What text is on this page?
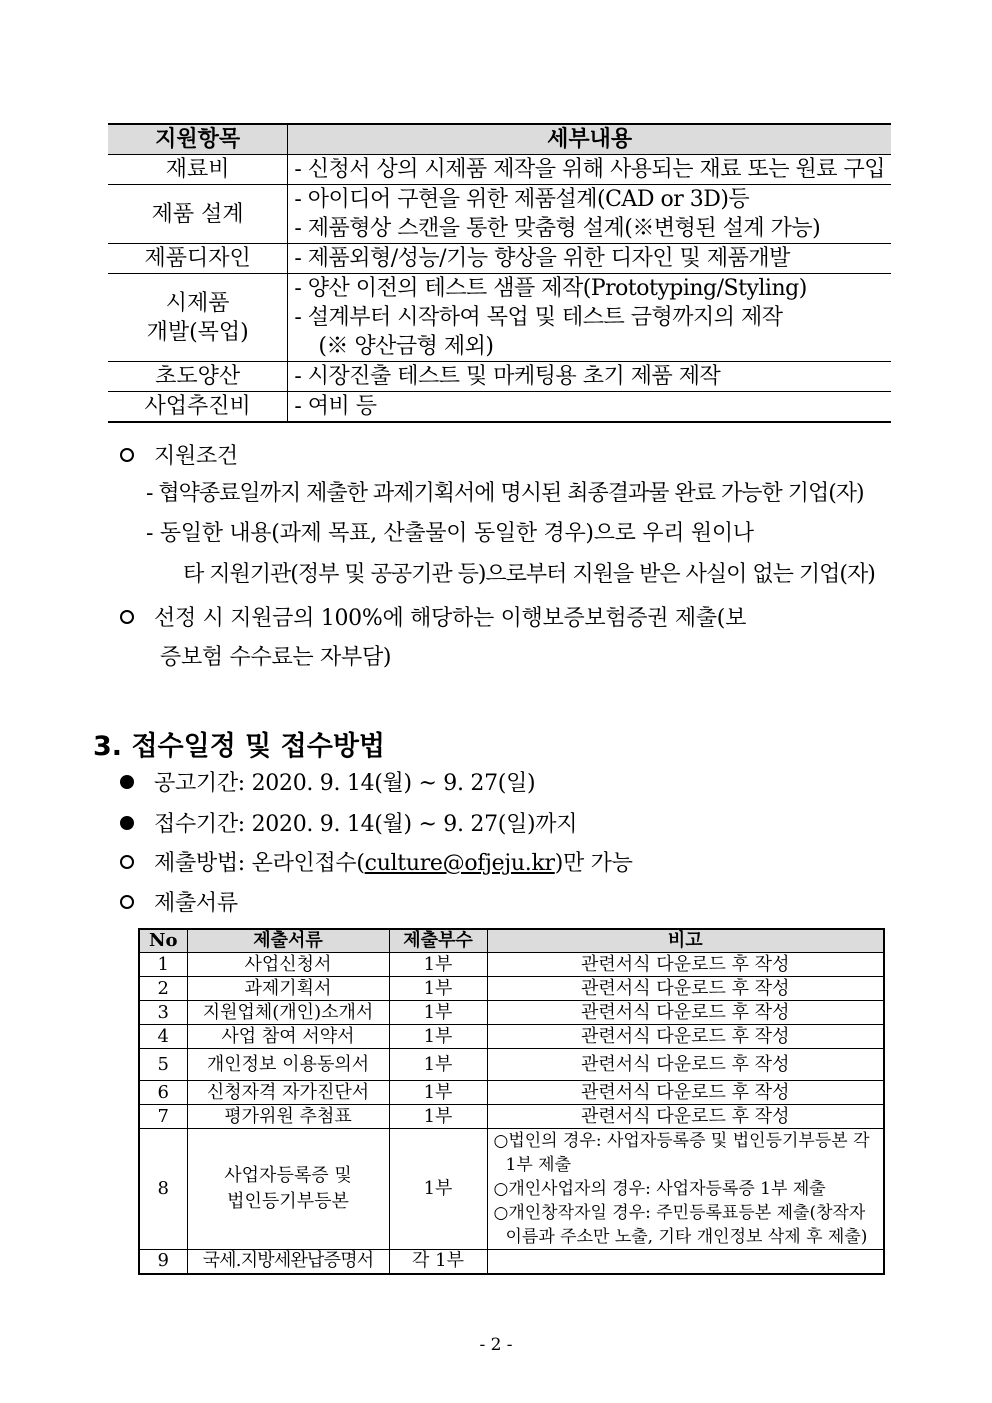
지원항목	세부내용
재료비	- 신청서 상의 시제품 제작을 위해 사용되는 재료 또는 원료 구입
제품 설계	- 아이디어 구현을 위한 제품설계(CAD or 3D)등
- 제품형상 스캔을 통한 맞춤형 설계(※변형된 설계 가능)

제품디자인	- 제품외형/성능/기능 향상을 위한 디자인 및 제품개발

시제품
개발(목업)	- 양산 이전의 테스트 샘플 제작(Prototyping/Styling)
- 설계부터 시작하여 목업 및 테스트 금형까지의 제작
(※ 양산금형 제외)

초도양산	- 시장진출 테스트 및 마케팅용 초기 제품 제작
사업추진비	- 여비 등
지원조건
- 협약종료일까지 제출한 과제기획서에 명시된 최종결과물 완료 가능한 기업(자)
- 동일한 내용(과제 목표, 산출물이 동일한 경우)으로 우리 원이나
타 지원기관(정부 및 공공기관 등)으로부터 지원을 받은 사실이 없는 기업(자)
선정 시 지원금의 100%에 해당하는 이행보증보험증권 제출(보
증보험 수수료는 자부담)
3. 접수일정 및 접수방법
공고기간: 2020. 9. 14(월) ~ 9. 27(일)
접수기간: 2020. 9. 14(월) ~ 9. 27(일)까지
제출방법: 온라인접수(culture@ofjeju.kr)만 가능
제출서류
No	제출서류	제출부수	비고
1	사업신청서	1부	관련서식 다운로드 후 작성
2	과제기획서	1부	관련서식 다운로드 후 작성
3	지원업체(개인)소개서	1부	관련서식 다운로드 후 작성
4	사업 참여 서약서	1부	관련서식 다운로드 후 작성
5	개인정보 이용동의서	1부	관련서식 다운로드 후 작성
6	신청자격 자가진단서	1부	관련서식 다운로드 후 작성
7	평가위원 추첨표	1부	관련서식 다운로드 후 작성
8	사업자등록증 및
법인등기부등본	1부	○법인의 경우: 사업자등록증 및 법인등기부등본 각 1부 제출
○개인사업자의 경우: 사업자등록증 1부 제출
○개인창작자일 경우: 주민등록표등본 제출(창작자 이름과 주소만 노출, 기타 개인정보 삭제 후 제출)

9	국세.지방세완납증명서	각 1부	
- 2 -
